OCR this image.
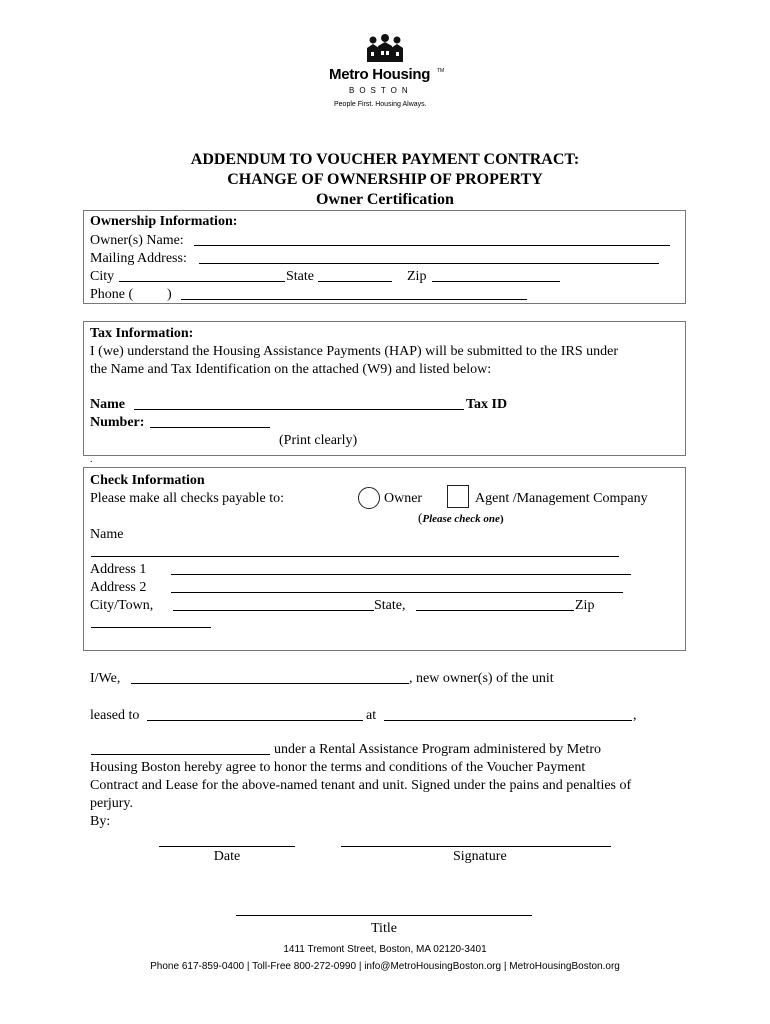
Metro Housing TM
BOSTON
People First. Housing Always.
ADDENDUM TO VOUCHER PAYMENT CONTRACT:
CHANGE OF OWNERSHIP OF PROPERTY
Owner Certification
Ownership Information:
Owner(s) Name:
Mailing Address:
City	State	Zip
Phone ( )
Tax Information:
I (we) understand the Housing Assistance Payments (HAP) will be submitted to the IRS under
the Name and Tax Identification on the attached (W9) and listed below:
Name	Tax ID
Number:
(Print clearly)
.
Check Information
Please make all checks payable to:	Owner	Agent /Management Company
(Please check one)
Name
Address 1
Address 2
City/Town,	State,	Zip
I/We,	, new owner(s) of the unit
leased to	at	,
under a Rental Assistance Program administered by Metro
Housing Boston hereby agree to honor the terms and conditions of the Voucher Payment
Contract and Lease for the above-named tenant and unit. Signed under the pains and penalties of
perjury.
By:
Date	Signature
Title
1411 Tremont Street, Boston, MA 02120-3401
Phone 617-859-0400 | Toll-Free 800-272-0990 | info@MetroHousingBoston.org | MetroHousingBoston.org
